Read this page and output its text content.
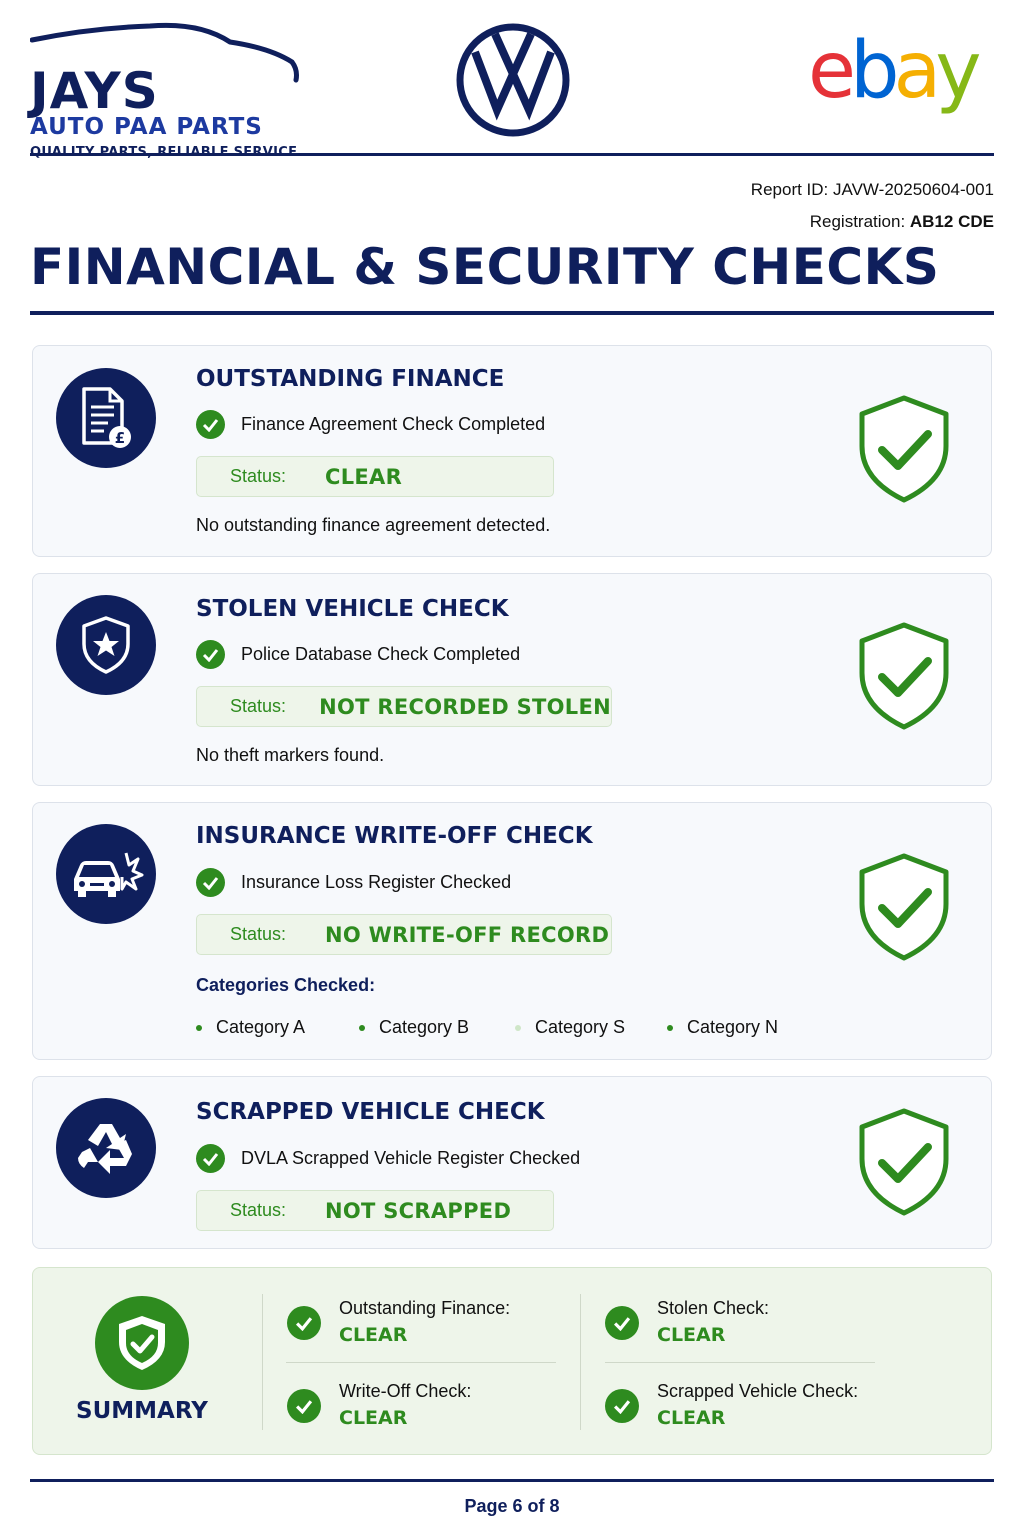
JAYS
AUTO PAA PARTS
ebay
Report ID: JAVW-20250604-001
Registration: AB12 CDE
FINANCIAL & SECURITY CHECKS
£
OUTSTANDING FINANCE
Finance Agreement Check Completed
Status:	CLEAR
No outstanding finance agreement detected.
STOLEN VEHICLE CHECK
Police Database Check Completed
Status:	NOT RECORDED STOLEN
No theft markers found.
INSURANCE WRITE-OFF CHECK
Insurance Loss Register Checked
Status:	NO WRITE-OFF RECORD
Categories Checked:
Category A	Category B	Category S	Category N
SCRAPPED VEHICLE CHECK
DVLA Scrapped Vehicle Register Checked
Status:	NOT SCRAPPED
SUMMARY
Outstanding Finance:
CLEAR
Stolen Check:
CLEAR
Write-Off Check:
CLEAR
Scrapped Vehicle Check:
CLEAR
Page 6 of 8
